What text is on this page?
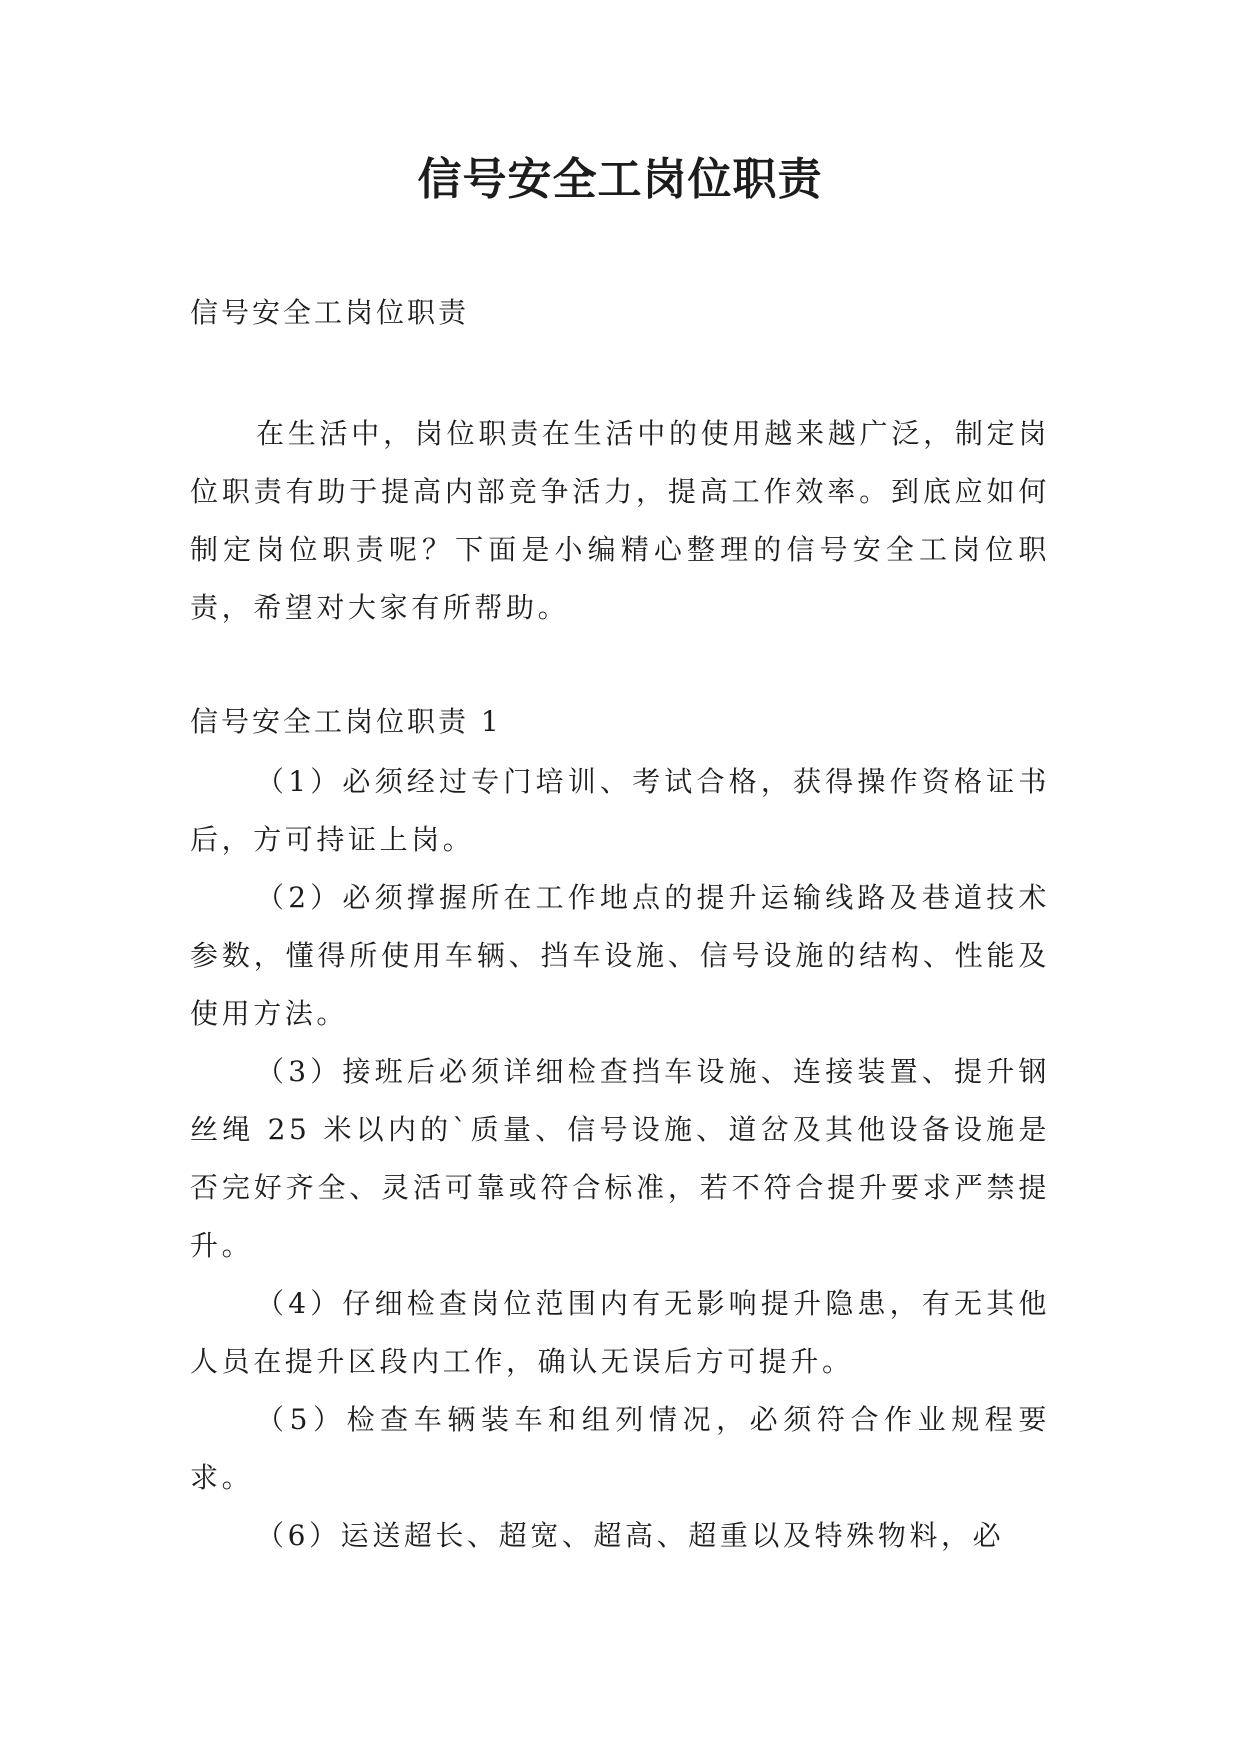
信号安全工岗位职责

信号安全工岗位职责

在生活中，岗位职责在生活中的使用越来越广泛，制定岗位职责有助于提高内部竞争活力，提高工作效率。到底应如何制定岗位职责呢？下面是小编精心整理的信号安全工岗位职责，希望对大家有所帮助。

信号安全工岗位职责 1

（1）必须经过专门培训、考试合格，获得操作资格证书后，方可持证上岗。

（2）必须撑握所在工作地点的提升运输线路及巷道技术参数，懂得所使用车辆、挡车设施、信号设施的结构、性能及使用方法。

（3）接班后必须详细检查挡车设施、连接装置、提升钢丝绳 25 米以内的`质量、信号设施、道岔及其他设备设施是否完好齐全、灵活可靠或符合标准，若不符合提升要求严禁提升。

（4）仔细检查岗位范围内有无影响提升隐患，有无其他人员在提升区段内工作，确认无误后方可提升。

（5）检查车辆装车和组列情况，必须符合作业规程要求。

（6）运送超长、超宽、超高、超重以及特殊物料，必
